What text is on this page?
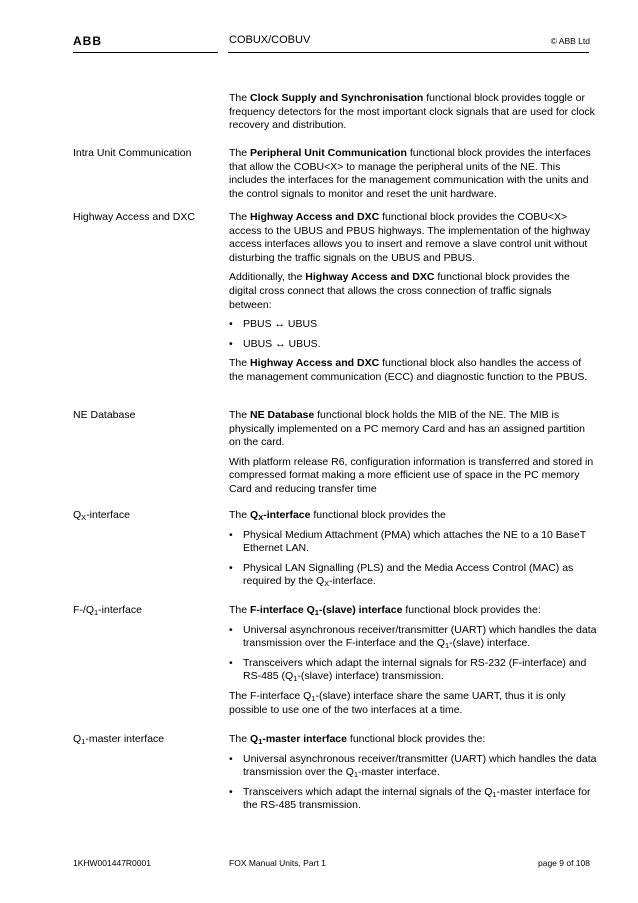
ABB	COBUX/COBUV	© ABB Ltd

The Clock Supply and Synchronisation functional block provides toggle or frequency detectors for the most important clock signals that are used for clock recovery and distribution.

Intra Unit Communication	The Peripheral Unit Communication functional block provides the interfaces that allow the COBU<X> to manage the peripheral units of the NE. This includes the interfaces for the management communication with the units and the control signals to monitor and reset the unit hardware.

Highway Access and DXC	The Highway Access and DXC functional block provides the COBU<X> access to the UBUS and PBUS highways. The implementation of the highway access interfaces allows you to insert and remove a slave control unit without disturbing the traffic signals on the UBUS and PBUS.

Additionally, the Highway Access and DXC functional block provides the digital cross connect that allows the cross connection of traffic signals between:

• PBUS ↔ UBUS
• UBUS ↔ UBUS.

The Highway Access and DXC functional block also handles the access of the management communication (ECC) and diagnostic function to the PBUS.

NE Database	The NE Database functional block holds the MIB of the NE. The MIB is physically implemented on a PC memory Card and has an assigned partition on the card.

With platform release R6, configuration information is transferred and stored in compressed format making a more efficient use of space in the PC memory Card and reducing transfer time

$Q_X$-interface	The $Q_X$-interface functional block provides the

• Physical Medium Attachment (PMA) which attaches the NE to a 10 BaseT Ethernet LAN.
• Physical LAN Signalling (PLS) and the Media Access Control (MAC) as required by the $Q_X$-interface.
$F-/Q_1$-interface	The F-interface $Q_1-(slave)$ interface functional block provides the:

• Universal asynchronous receiver/transmitter (UART) which handles the data transmission over the F-interface and the $Q_1-(slave)$ interface.
• Transceivers which adapt the internal signals for RS-232 (F-interface) and RS-485 ($Q_1-(slave)$ interface) transmission.

The F-interface $Q_1-(slave)$ interface share the same UART, thus it is only possible to use one of the two interfaces at a time.

$Q_1$-master interface	The $Q_1$-master interface functional block provides the:

• Universal asynchronous receiver/transmitter (UART) which handles the data transmission over the $Q_1$-master interface.
• Transceivers which adapt the internal signals of the $Q_1$-master interface for the RS-485 transmission.
1KHW001447R0001	FOX Manual Units, Part 1	page 9 of 108
